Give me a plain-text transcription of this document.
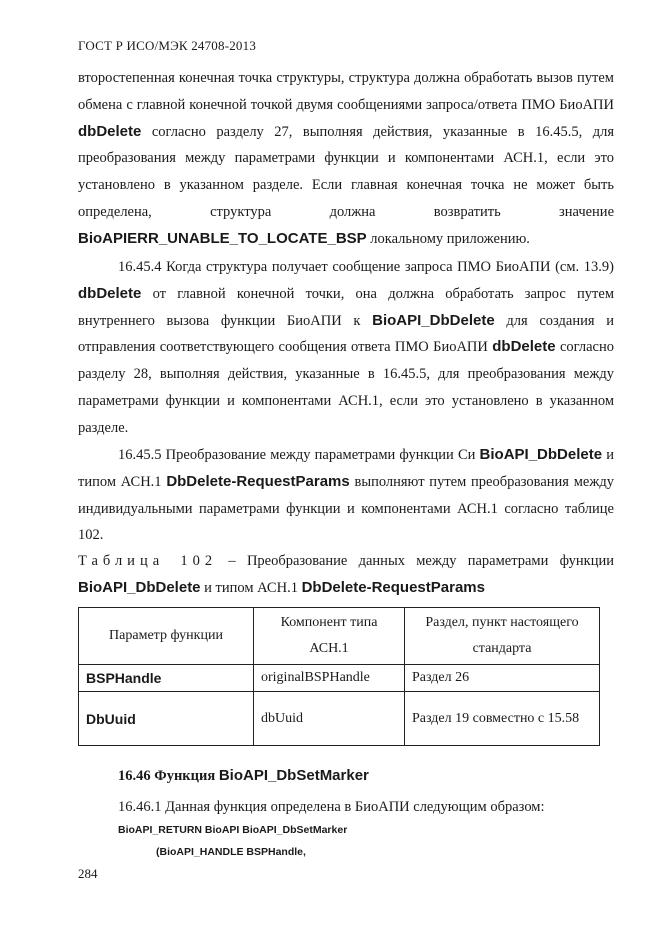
ГОСТ Р ИСО/МЭК 24708-2013
второстепенная конечная точка структуры, структура должна обработать вызов путем обмена с главной конечной точкой двумя сообщениями запроса/ответа ПМО БиоАПИ dbDelete согласно разделу 27, выполняя действия, указанные в 16.45.5, для преобразования между параметрами функции и компонентами АСН.1, если это установлено в указанном разделе. Если главная конечная точка не может быть определена, структура должна возвратить значение BioAPIERR_UNABLE_TO_LOCATE_BSP локальному приложению.
16.45.4 Когда структура получает сообщение запроса ПМО БиоАПИ (см. 13.9) dbDelete от главной конечной точки, она должна обработать запрос путем внутреннего вызова функции БиоАПИ к BioAPI_DbDelete для создания и отправления соответствующего сообщения ответа ПМО БиоАПИ dbDelete согласно разделу 28, выполняя действия, указанные в 16.45.5, для преобразования между параметрами функции и компонентами АСН.1, если это установлено в указанном разделе.
16.45.5 Преобразование между параметрами функции Си BioAPI_DbDelete и типом АСН.1 DbDelete-RequestParams выполняют путем преобразования между индивидуальными параметрами функции и компонентами АСН.1 согласно таблице 102.
Таблица 102 – Преобразование данных между параметрами функции BioAPI_DbDelete и типом АСН.1 DbDelete-RequestParams
Параметр функции	Компонент типа АСН.1	Раздел, пункт настоящего стандарта
BSPHandle	originalBSPHandle	Раздел 26
DbUuid	dbUuid	Раздел 19 совместно с 15.58
16.46 Функция BioAPI_DbSetMarker
16.46.1 Данная функция определена в БиоАПИ следующим образом:
BioAPI_RETURN BioAPI BioAPI_DbSetMarker
(BioAPI_HANDLE BSPHandle,
284
